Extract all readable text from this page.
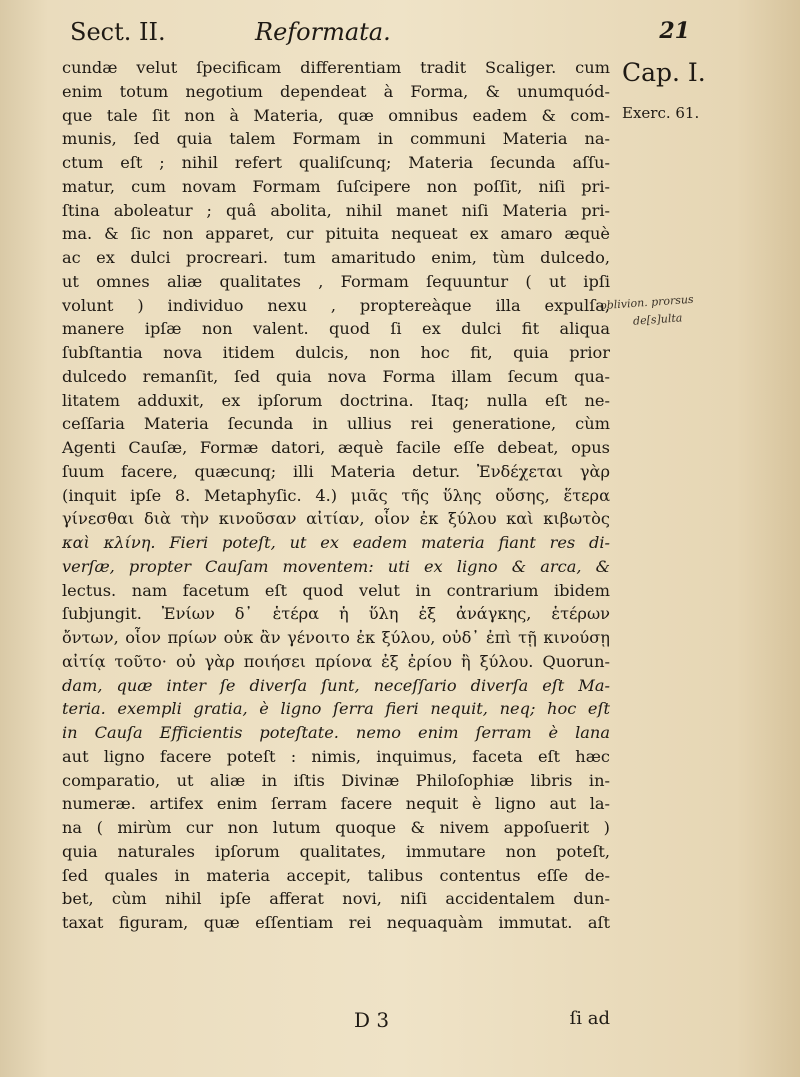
Sect. II.	Reformata.	21
Cap. I.
Exerc. 61.
oblivion. prorsus
de[s]ulta
cundæ velut ſpecificam differentiam tradit Scaliger. cum
enim totum negotium dependeat à Forma, & unumquód-
que tale ſit non à Materia, quæ omnibus eadem & com-
munis, ſed quia talem Formam in communi Materia na-
ctum eſt ; nihil refert qualiſcunq; Materia ſecunda aſſu-
matur, cum novam Formam ſuſcipere non poſſit, niſi pri-
ſtina aboleatur ; quâ abolita, nihil manet niſi Materia pri-
ma. & ſic non apparet, cur pituita nequeat ex amaro æquè
ac ex dulci procreari. tum amaritudo enim, tùm dulcedo,
ut omnes aliæ qualitates , Formam ſequuntur ( ut ipſi
volunt ) individuo nexu , proptereàque illa expulſa,
manere ipſæ non valent. quod ſi ex dulci fit aliqua
ſubſtantia nova itidem dulcis, non hoc fit, quia prior
dulcedo remanſit, ſed quia nova Forma illam ſecum qua-
litatem adduxit, ex ipſorum doctrina. Itaq; nulla eſt ne-
ceſſaria Materia ſecunda in ullius rei generatione, cùm
Agenti Cauſæ, Formæ datori, æquè facile eſſe debeat, opus
ſuum facere, quæcunq; illi Materia detur. Ἐνδέχεται γὰρ
(inquit ipſe 8. Metaphyſic. 4.) μιᾶς τῆς ὕλης οὔσης, ἕτερα
γίνεσθαι διὰ τὴν κινοῦσαν αἰτίαν, οἷον ἐκ ξύλου καὶ κιβωτὸς
καὶ κλίνη. Fieri poteſt, ut ex eadem materia fiant res di-
verſæ, propter Cauſam moventem: uti ex ligno & arca, &
lectus. nam facetum eſt quod velut in contrarium ibidem
ſubjungit. Ἐνίων δ᾽ ἑτέρα ἡ ὕλη ἐξ ἀνάγκης, ἑτέρων
ὄντων, οἷον πρίων οὐκ ἂν γένοιτο ἐκ ξύλου, οὐδ᾽ ἐπὶ τῇ κινούσῃ
αἰτίᾳ τοῦτο· οὐ γὰρ ποιήσει πρίονα ἐξ ἐρίου ἢ ξύλου. Quorun-
dam, quæ inter ſe diverſa ſunt, neceſſario diverſa eſt Ma-
teria. exempli gratia, è ligno ſerra fieri nequit, neq; hoc eſt
in Cauſa Efficientis poteſtate. nemo enim ſerram è lana
aut ligno facere poteſt : nimis, inquimus, faceta eſt hæc
comparatio, ut aliæ in iſtis Divinæ Philoſophiæ libris in-
numeræ. artifex enim ſerram facere nequit è ligno aut la-
na ( mirùm cur non lutum quoque & nivem appoſuerit )
quia naturales ipſorum qualitates, immutare non poteſt,
ſed quales in materia accepit, talibus contentus eſſe de-
bet, cùm nihil ipſe afferat novi, niſi accidentalem dun-
taxat figuram, quæ eſſentiam rei nequaquàm immutat. aſt
D 3	ſi ad
